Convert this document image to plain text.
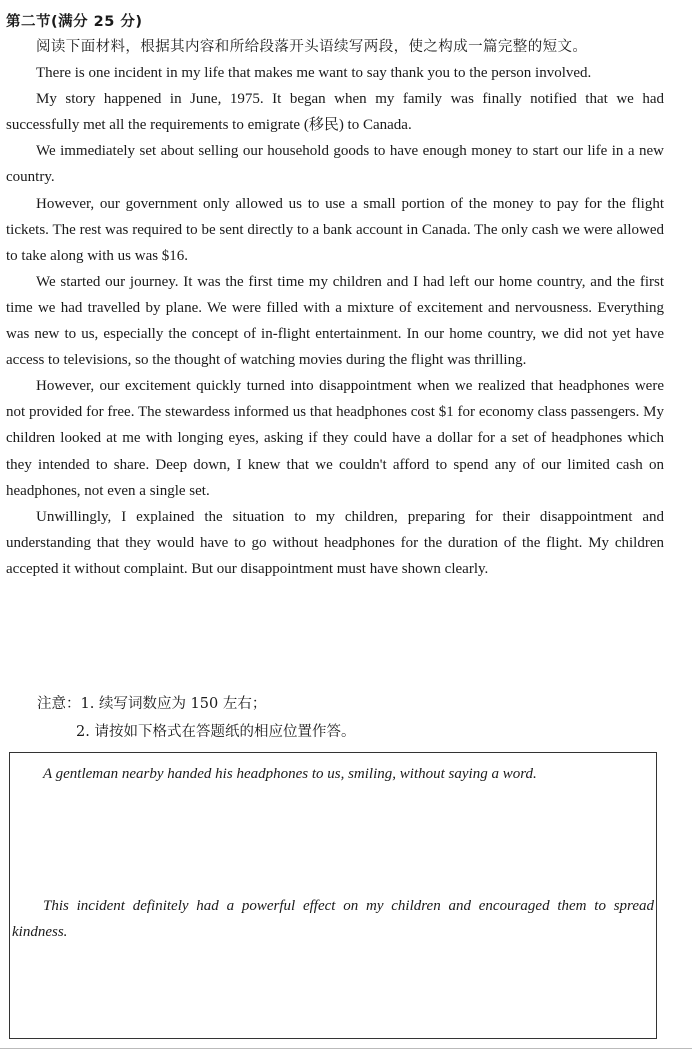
第二节(满分 25 分)

阅读下面材料，根据其内容和所给段落开头语续写两段，使之构成一篇完整的短文。

There is one incident in my life that makes me want to say thank you to the person involved.

My story happened in June, 1975. It began when my family was finally notified that we had successfully met all the requirements to emigrate (移民) to Canada.

We immediately set about selling our household goods to have enough money to start our life in a new country.

However, our government only allowed us to use a small portion of the money to pay for the flight tickets. The rest was required to be sent directly to a bank account in Canada. The only cash we were allowed to take along with us was $16.

We started our journey. It was the first time my children and I had left our home country, and the first time we had travelled by plane. We were filled with a mixture of excitement and nervousness. Everything was new to us, especially the concept of in-flight entertainment. In our home country, we did not yet have access to televisions, so the thought of watching movies during the flight was thrilling.

However, our excitement quickly turned into disappointment when we realized that headphones were not provided for free. The stewardess informed us that headphones cost $1 for economy class passengers. My children looked at me with longing eyes, asking if they could have a dollar for a set of headphones which they intended to share. Deep down, I knew that we couldn't afford to spend any of our limited cash on headphones, not even a single set.

Unwillingly, I explained the situation to my children, preparing for their disappointment and understanding that they would have to go without headphones for the duration of the flight. My children accepted it without complaint. But our disappointment must have shown clearly.

注意：1. 续写词数应为 150 左右；
2. 请按如下格式在答题纸的相应位置作答。
A gentleman nearby handed his headphones to us, smiling, without saying a word.
This incident definitely had a powerful effect on my children and encouraged them to spread kindness.
